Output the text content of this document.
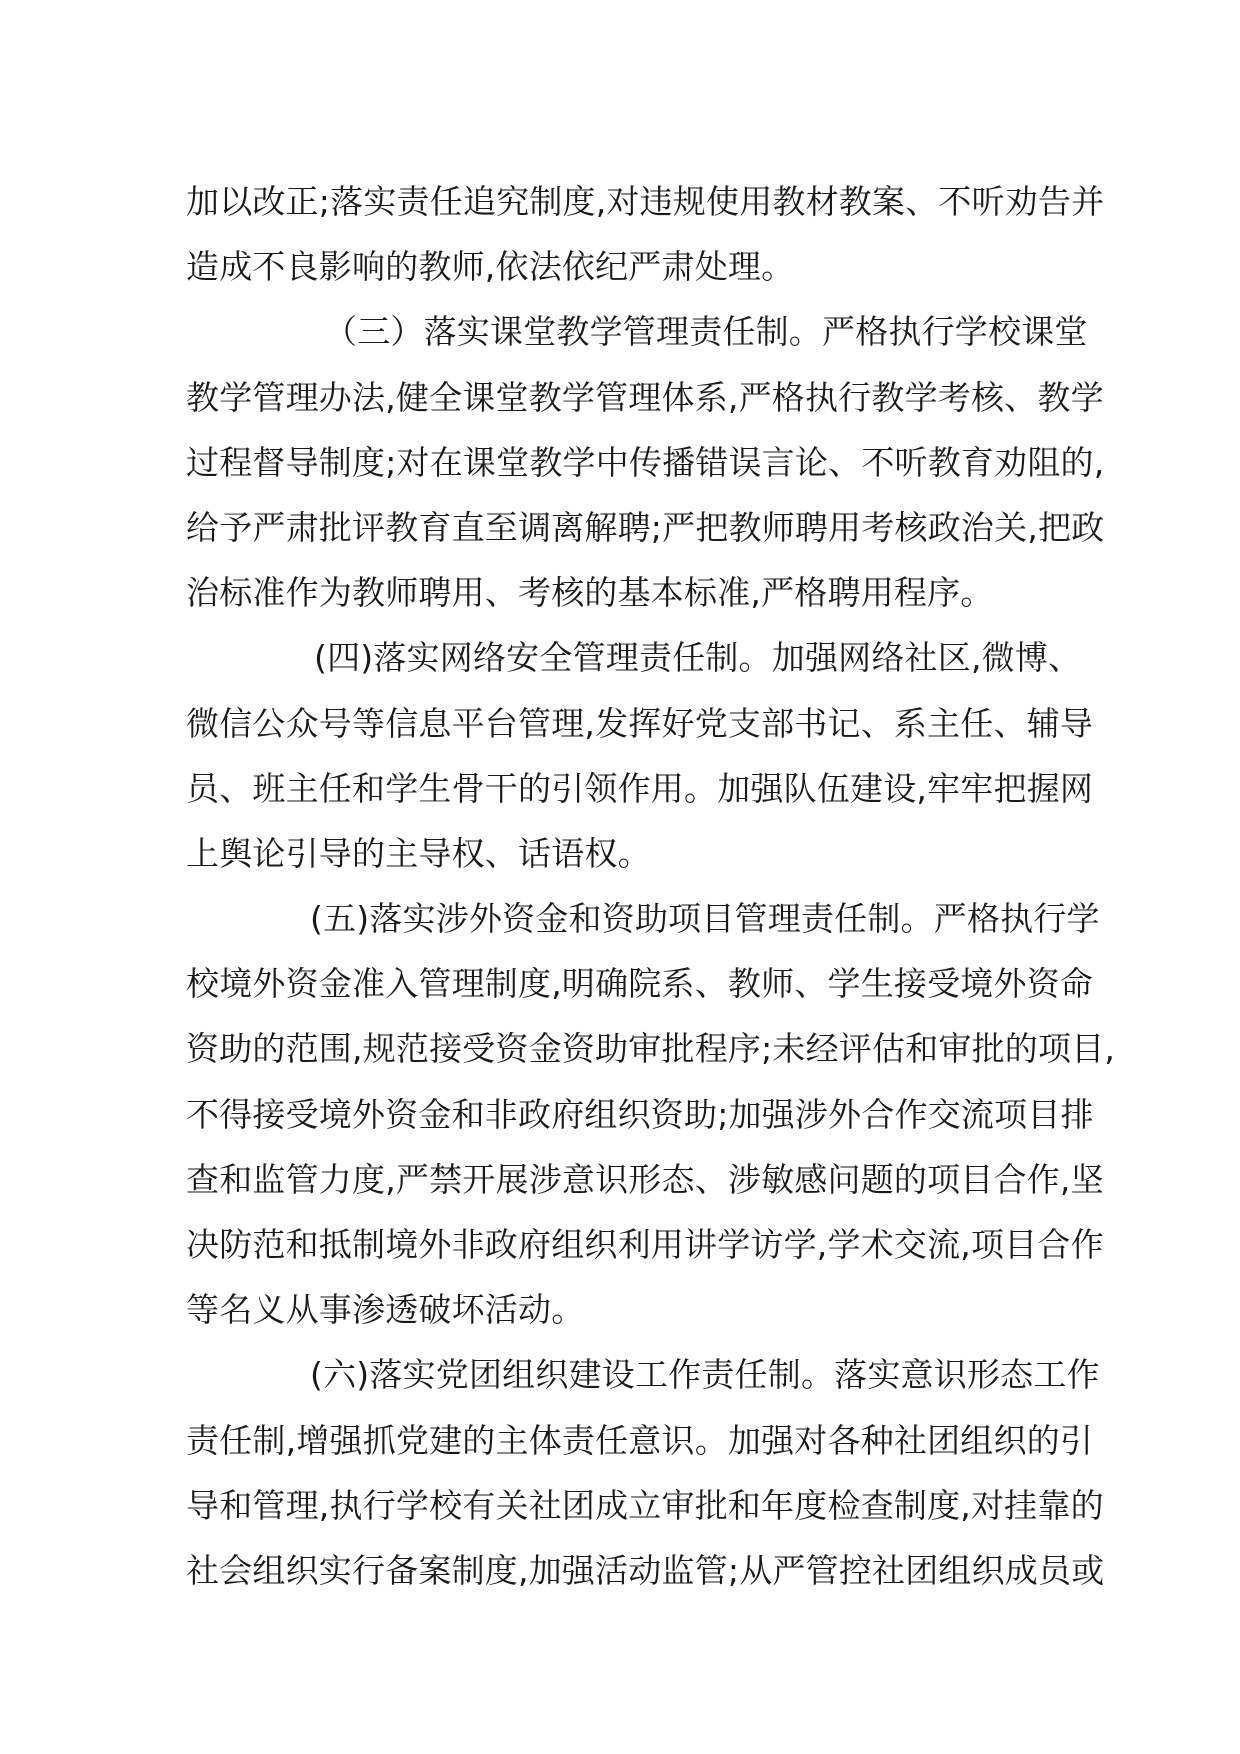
加以改正;落实责任追究制度,对违规使用教材教案、不听劝告并
造成不良影响的教师,依法依纪严肃处理。
（三）落实课堂教学管理责任制。严格执行学校课堂
教学管理办法,健全课堂教学管理体系,严格执行教学考核、教学
过程督导制度;对在课堂教学中传播错误言论、不听教育劝阻的,
给予严肃批评教育直至调离解聘;严把教师聘用考核政治关,把政
治标准作为教师聘用、考核的基本标准,严格聘用程序。
(四)落实网络安全管理责任制。加强网络社区,微博、
微信公众号等信息平台管理,发挥好党支部书记、系主任、辅导
员、班主任和学生骨干的引领作用。加强队伍建设,牢牢把握网
上舆论引导的主导权、话语权。
(五)落实涉外资金和资助项目管理责任制。严格执行学
校境外资金准入管理制度,明确院系、教师、学生接受境外资命
资助的范围,规范接受资金资助审批程序;未经评估和审批的项目,
不得接受境外资金和非政府组织资助;加强涉外合作交流项目排
查和监管力度,严禁开展涉意识形态、涉敏感问题的项目合作,坚
决防范和抵制境外非政府组织利用讲学访学,学术交流,项目合作
等名义从事渗透破坏活动。
(六)落实党团组织建设工作责任制。落实意识形态工作
责任制,增强抓党建的主体责任意识。加强对各种社团组织的引
导和管理,执行学校有关社团成立审批和年度检查制度,对挂靠的
社会组织实行备案制度,加强活动监管;从严管控社团组织成员或
